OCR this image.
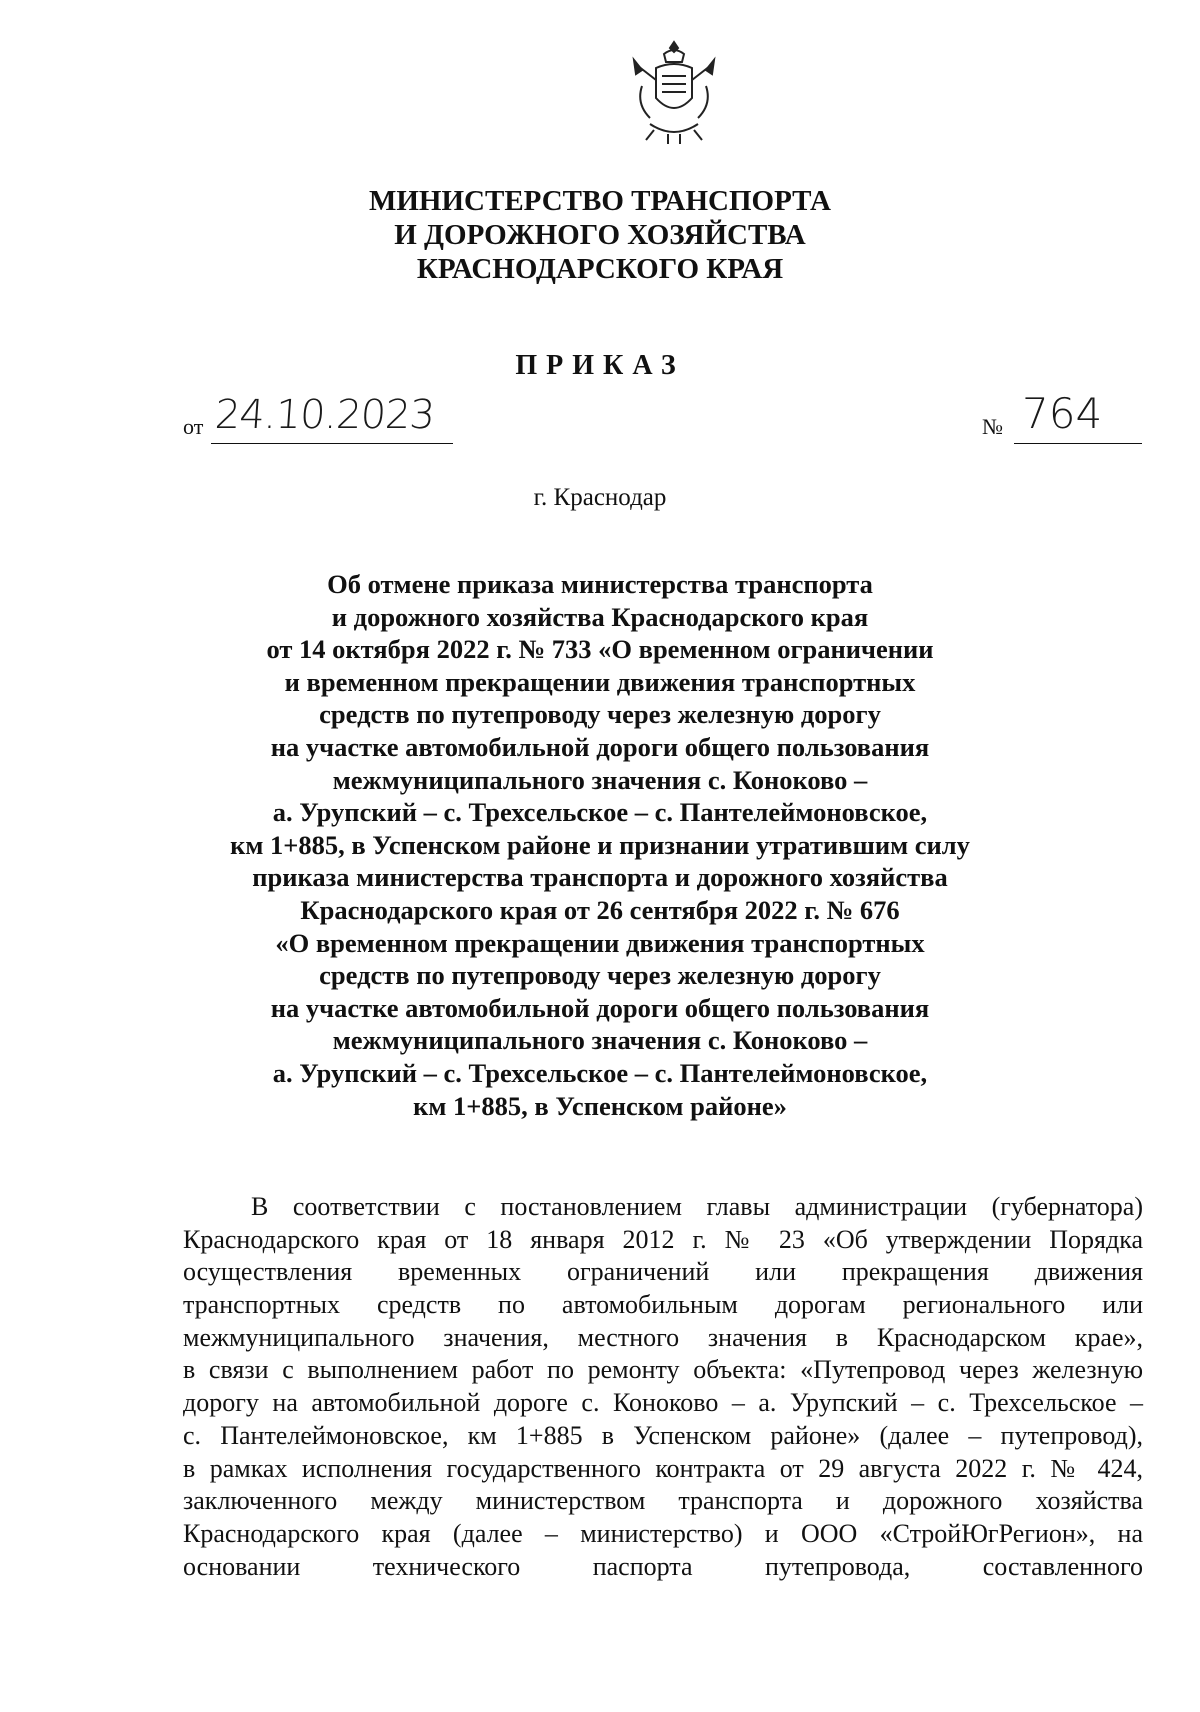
МИНИСТЕРСТВО ТРАНСПОРТА
И ДОРОЖНОГО ХОЗЯЙСТВА
КРАСНОДАРСКОГО КРАЯ
ПРИКАЗ
от 24.10.2023	№ 764
г. Краснодар
Об отмене приказа министерства транспорта
и дорожного хозяйства Краснодарского края
от 14 октября 2022 г. № 733 «О временном ограничении
и временном прекращении движения транспортных
средств по путепроводу через железную дорогу
на участке автомобильной дороги общего пользования
межмуниципального значения с. Коноково –
а. Урупский – с. Трехсельское – с. Пантелеймоновское,
км 1+885, в Успенском районе и признании утратившим силу
приказа министерства транспорта и дорожного хозяйства
Краснодарского края от 26 сентября 2022 г. № 676
«О временном прекращении движения транспортных
средств по путепроводу через железную дорогу
на участке автомобильной дороги общего пользования
межмуниципального значения с. Коноково –
а. Урупский – с. Трехсельское – с. Пантелеймоновское,
км 1+885, в Успенском районе»
В соответствии с постановлением главы администрации (губернатора)
Краснодарского края от 18 января 2012 г. № 23 «Об утверждении Порядка
осуществления временных ограничений или прекращения движения
транспортных средств по автомобильным дорогам регионального или
межмуниципального значения, местного значения в Краснодарском крае»,
в связи с выполнением работ по ремонту объекта: «Путепровод через железную
дорогу на автомобильной дороге с. Коноково – а. Урупский – с. Трехсельское –
с. Пантелеймоновское, км 1+885 в Успенском районе» (далее – путепровод),
в рамках исполнения государственного контракта от 29 августа 2022 г. № 424,
заключенного между министерством транспорта и дорожного хозяйства
Краснодарского края (далее – министерство) и ООО «СтройЮгРегион», на
основании технического паспорта путепровода, составленного
